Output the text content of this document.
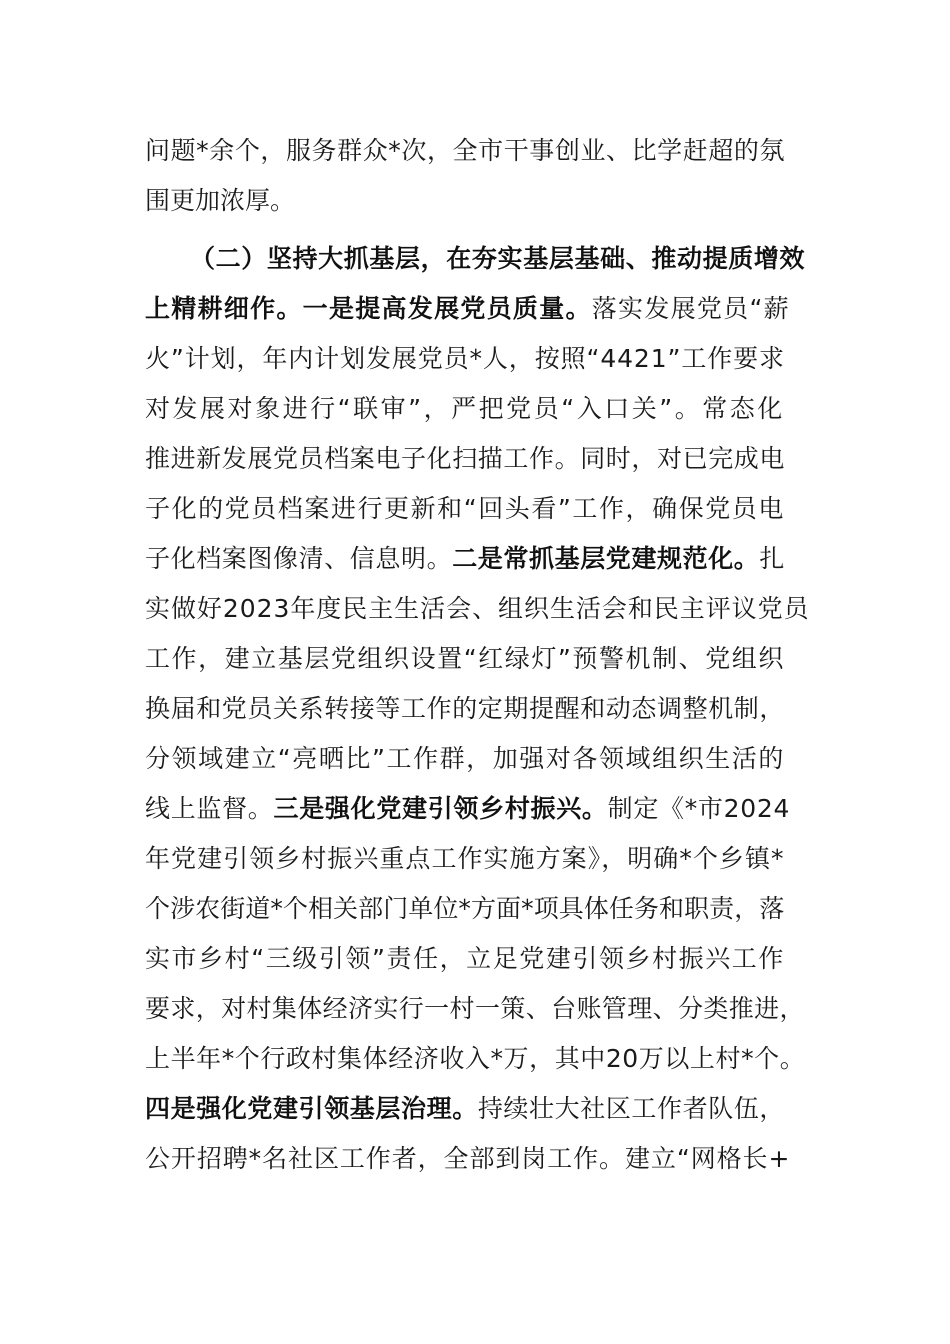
问题*余个，服务群众*次，全市干事创业、比学赶超的氛
围更加浓厚。
（二）坚持大抓基层，在夯实基层基础、推动提质增效
上精耕细作。一是提高发展党员质量。落实发展党员“薪
火”计划，年内计划发展党员*人，按照“4421”工作要求
对发展对象进行“联审”，严把党员“入口关”。常态化
推进新发展党员档案电子化扫描工作。同时，对已完成电
子化的党员档案进行更新和“回头看”工作，确保党员电
子化档案图像清、信息明。二是常抓基层党建规范化。扎
实做好2023年度民主生活会、组织生活会和民主评议党员
工作，建立基层党组织设置“红绿灯”预警机制、党组织
换届和党员关系转接等工作的定期提醒和动态调整机制，
分领域建立“亮晒比”工作群，加强对各领域组织生活的
线上监督。三是强化党建引领乡村振兴。制定《*市2024
年党建引领乡村振兴重点工作实施方案》，明确*个乡镇*
个涉农街道*个相关部门单位*方面*项具体任务和职责，落
实市乡村“三级引领”责任，立足党建引领乡村振兴工作
要求，对村集体经济实行一村一策、台账管理、分类推进，
上半年*个行政村集体经济收入*万，其中20万以上村*个。
四是强化党建引领基层治理。持续壮大社区工作者队伍，
公开招聘*名社区工作者，全部到岗工作。建立“网格长+
